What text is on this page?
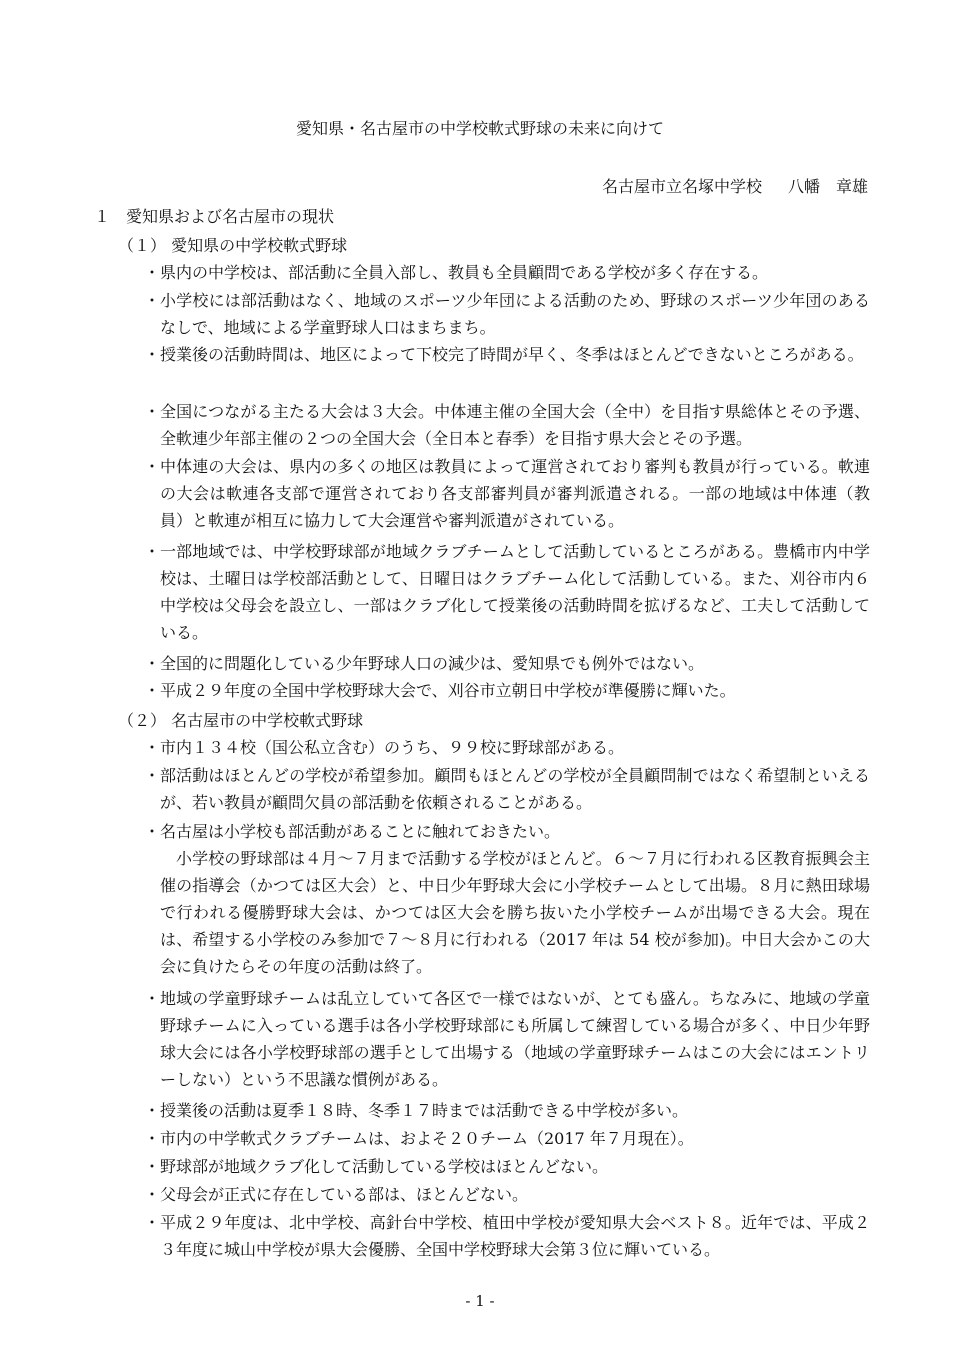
愛知県・名古屋市の中学校軟式野球の未来に向けて
名古屋市立名塚中学校 八幡　章雄
１　愛知県および名古屋市の現状
（１） 愛知県の中学校軟式野球
・ 県内の中学校は、部活動に全員入部し、教員も全員顧問である学校が多く存在する。
・ 小学校には部活動はなく、地域のスポーツ少年団による活動のため、野球のスポーツ少年団のあるなしで、地域による学童野球人口はまちまち。
・ 授業後の活動時間は、地区によって下校完了時間が早く、冬季はほとんどできないところがある。
・ 全国につながる主たる大会は３大会。中体連主催の全国大会（全中）を目指す県総体とその予選、全軟連少年部主催の２つの全国大会（全日本と春季）を目指す県大会とその予選。
・ 中体連の大会は、県内の多くの地区は教員によって運営されており審判も教員が行っている。軟連の大会は軟連各支部で運営されており各支部審判員が審判派遣される。一部の地域は中体連（教員）と軟連が相互に協力して大会運営や審判派遣がされている。
・ 一部地域では、中学校野球部が地域クラブチームとして活動しているところがある。豊橋市内中学校は、土曜日は学校部活動として、日曜日はクラブチーム化して活動している。また、刈谷市内６中学校は父母会を設立し、一部はクラブ化して授業後の活動時間を拡げるなど、工夫して活動している。
・ 全国的に問題化している少年野球人口の減少は、愛知県でも例外ではない。
・ 平成２９年度の全国中学校野球大会で、刈谷市立朝日中学校が準優勝に輝いた。
（２） 名古屋市の中学校軟式野球
・ 市内１３４校（国公私立含む）のうち、９９校に野球部がある。
・ 部活動はほとんどの学校が希望参加。顧問もほとんどの学校が全員顧問制ではなく希望制といえるが、若い教員が顧問欠員の部活動を依頼されることがある。
・ 名古屋は小学校も部活動があることに触れておきたい。
小学校の野球部は４月～７月まで活動する学校がほとんど。６～７月に行われる区教育振興会主催の指導会（かつては区大会）と、中日少年野球大会に小学校チームとして出場。８月に熱田球場で行われる優勝野球大会は、かつては区大会を勝ち抜いた小学校チームが出場できる大会。現在は、希望する小学校のみ参加で７～８月に行われる（2017 年は 54 校が参加)。中日大会かこの大会に負けたらその年度の活動は終了。
・ 地域の学童野球チームは乱立していて各区で一様ではないが、とても盛ん。ちなみに、地域の学童野球チームに入っている選手は各小学校野球部にも所属して練習している場合が多く、中日少年野球大会には各小学校野球部の選手として出場する（地域の学童野球チームはこの大会にはエントリーしない）という不思議な慣例がある。
・ 授業後の活動は夏季１８時、冬季１７時までは活動できる中学校が多い。
・ 市内の中学軟式クラブチームは、およそ２０チーム（2017 年７月現在）。
・ 野球部が地域クラブ化して活動している学校はほとんどない。
・ 父母会が正式に存在している部は、ほとんどない。
・ 平成２９年度は、北中学校、高針台中学校、植田中学校が愛知県大会ベスト８。近年では、平成２３年度に城山中学校が県大会優勝、全国中学校野球大会第３位に輝いている。
- 1 -
